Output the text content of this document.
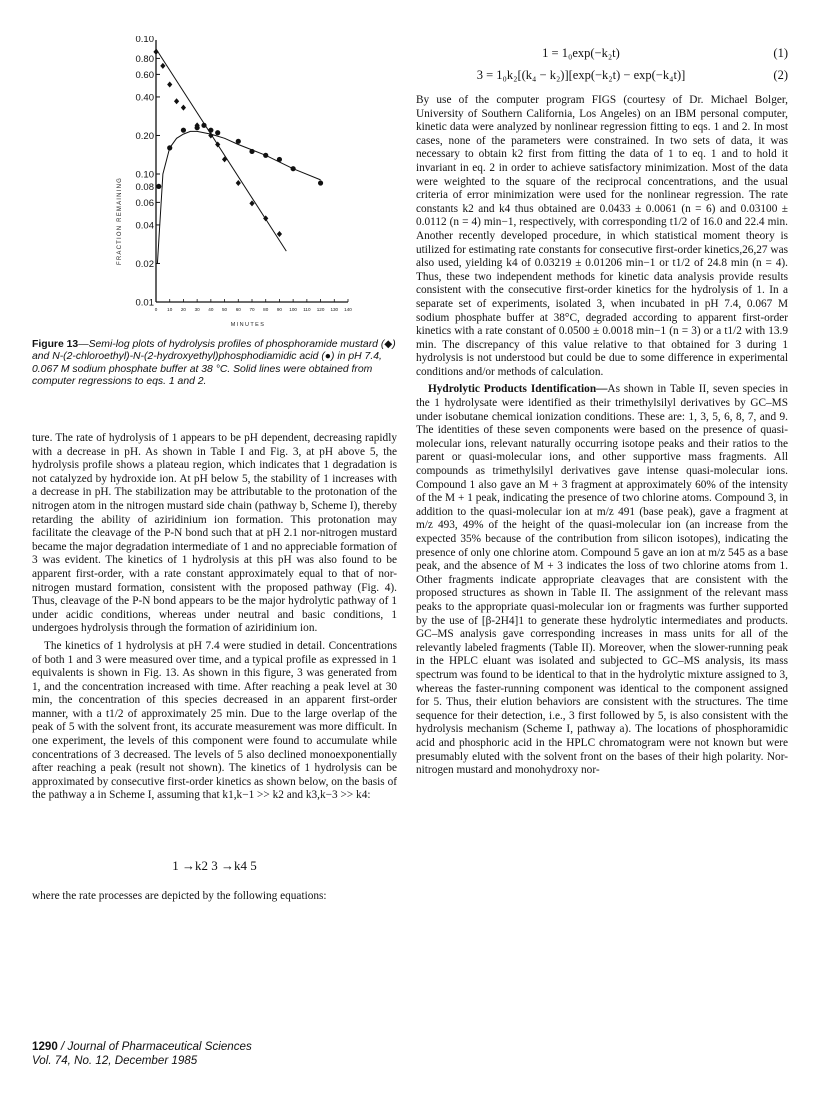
0.01
0.02
0.04
0.06
0.08
0.10
0.20
0.40
0.60
0.80
0.10
0 10 20 30 40 50 60 70 80 90 100 110 120 130 140
FRACTION REMAINING
MINUTES
Figure 13—Semi-log plots of hydrolysis profiles of phosphoramide mustard (◆) and N-(2-chloroethyl)-N-(2-hydroxyethyl)phosphodiamidic acid (●) in pH 7.4, 0.067 M sodium phosphate buffer at 38 °C. Solid lines were obtained from computer regressions to eqs. 1 and 2.
1 = 1₀exp(−k₂t)	(1)
3 = 1₀k₂[(k₄ − k₂)][exp(−k₂t) − exp(−k₄t)]	(2)

ture. The rate of hydrolysis of 1 appears to be pH dependent, decreasing rapidly with a decrease in pH. As shown in Table I and Fig. 3, at pH above 5, the hydrolysis profile shows a plateau region, which indicates that 1 degradation is not catalyzed by hydroxide ion. At pH below 5, the stability of 1 increases with a decrease in pH. The stabilization may be attributable to the protonation of the nitrogen atom in the nitrogen mustard side chain (pathway b, Scheme I), thereby retarding the ability of aziridinium ion formation. This protonation may facilitate the cleavage of the P-N bond such that at pH 2.1 nor-nitrogen mustard became the major degradation intermediate of 1 and no appreciable formation of 3 was evident. The kinetics of 1 hydrolysis at this pH was also found to be apparent first-order, with a rate constant approximately equal to that of nor-nitrogen mustard formation, consistent with the proposed pathway (Fig. 4). Thus, cleavage of the P-N bond appears to be the major hydrolytic pathway of 1 under acidic conditions, whereas under neutral and basic conditions, 1 undergoes hydrolysis through the formation of aziridinium ion.

The kinetics of 1 hydrolysis at pH 7.4 were studied in detail. Concentrations of both 1 and 3 were measured over time, and a typical profile as expressed in 1 equivalents is shown in Fig. 13. As shown in this figure, 3 was generated from 1, and the concentration increased with time. After reaching a peak level at 30 min, the concentration of this species decreased in an apparent first-order manner, with a t1/2 of approximately 25 min. Due to the large overlap of the peak of 5 with the solvent front, its accurate measurement was more difficult. In one experiment, the levels of this component were found to accumulate while concentrations of 3 decreased. The levels of 5 also declined monoexponentially after reaching a peak (result not shown). The kinetics of 1 hydrolysis can be approximated by consecutive first-order kinetics as shown below, on the basis of the pathway a in Scheme I, assuming that k1,k−1 >> k2 and k3,k−3 >> k4:

1 →k2 3 →k4 5

where the rate processes are depicted by the following equations:

By use of the computer program FIGS (courtesy of Dr. Michael Bolger, University of Southern California, Los Angeles) on an IBM personal computer, kinetic data were analyzed by nonlinear regression fitting to eqs. 1 and 2. In most cases, none of the parameters were constrained. In two sets of data, it was necessary to obtain k2 first from fitting the data of 1 to eq. 1 and to hold it invariant in eq. 2 in order to achieve satisfactory minimization. Most of the data were weighted to the square of the reciprocal concentrations, and the usual criteria of error minimization were used for the nonlinear regression. The rate constants k2 and k4 thus obtained are 0.0433 ± 0.0061 (n = 6) and 0.03100 ± 0.0112 (n = 4) min−1, respectively, with corresponding t1/2 of 16.0 and 22.4 min. Another recently developed procedure, in which statistical moment theory is utilized for estimating rate constants for consecutive first-order kinetics,26,27 was also used, yielding k4 of 0.03219 ± 0.01206 min−1 or t1/2 of 24.8 min (n = 4). Thus, these two independent methods for kinetic data analysis provide results consistent with the consecutive first-order kinetics for the hydrolysis of 1. In a separate set of experiments, isolated 3, when incubated in pH 7.4, 0.067 M sodium phosphate buffer at 38°C, degraded according to apparent first-order kinetics with a rate constant of 0.0500 ± 0.0018 min−1 (n = 3) or a t1/2 with 13.9 min. The discrepancy of this value relative to that obtained for 3 during 1 hydrolysis is not understood but could be due to some difference in experimental conditions and/or methods of calculation.

Hydrolytic Products Identification—As shown in Table II, seven species in the 1 hydrolysate were identified as their trimethylsilyl derivatives by GC–MS under isobutane chemical ionization conditions. These are: 1, 3, 5, 6, 8, 7, and 9. The identities of these seven components were based on the presence of quasi-molecular ions, relevant naturally occurring isotope peaks and their ratios to the parent or quasi-molecular ions, and other supportive mass fragments. All compounds as trimethylsilyl derivatives gave intense quasi-molecular ions. Compound 1 also gave an M + 3 fragment at approximately 60% of the intensity of the M + 1 peak, indicating the presence of two chlorine atoms. Compound 3, in addition to the quasi-molecular ion at m/z 491 (base peak), gave a fragment at m/z 493, 49% of the height of the quasi-molecular ion (an increase from the expected 35% because of the contribution from silicon isotopes), indicating the presence of only one chlorine atom. Compound 5 gave an ion at m/z 545 as a base peak, and the absence of M + 3 indicates the loss of two chlorine atoms from 1. Other fragments indicate appropriate cleavages that are consistent with the proposed structures as shown in Table II. The assignment of the relevant mass peaks to the appropriate quasi-molecular ion or fragments was further supported by the use of [β-2H4]1 to generate these hydrolytic intermediates and products. GC–MS analysis gave corresponding increases in mass units for all of the relevantly labeled fragments (Table II). Moreover, when the slower-running peak in the HPLC eluant was isolated and subjected to GC–MS analysis, its mass spectrum was found to be identical to that in the hydrolytic mixture assigned to 3, whereas the faster-running component was identical to the component assigned for 5. Thus, their elution behaviors are consistent with the structures. The time sequence for their detection, i.e., 3 first followed by 5, is also consistent with the hydrolysis mechanism (Scheme I, pathway a). The locations of phosphoramidic acid and phosphoric acid in the HPLC chromatogram were not known but were presumably eluted with the solvent front on the bases of their high polarity. Nor-nitrogen mustard and monohydroxy nor-

1290 / Journal of Pharmaceutical Sciences
Vol. 74, No. 12, December 1985
